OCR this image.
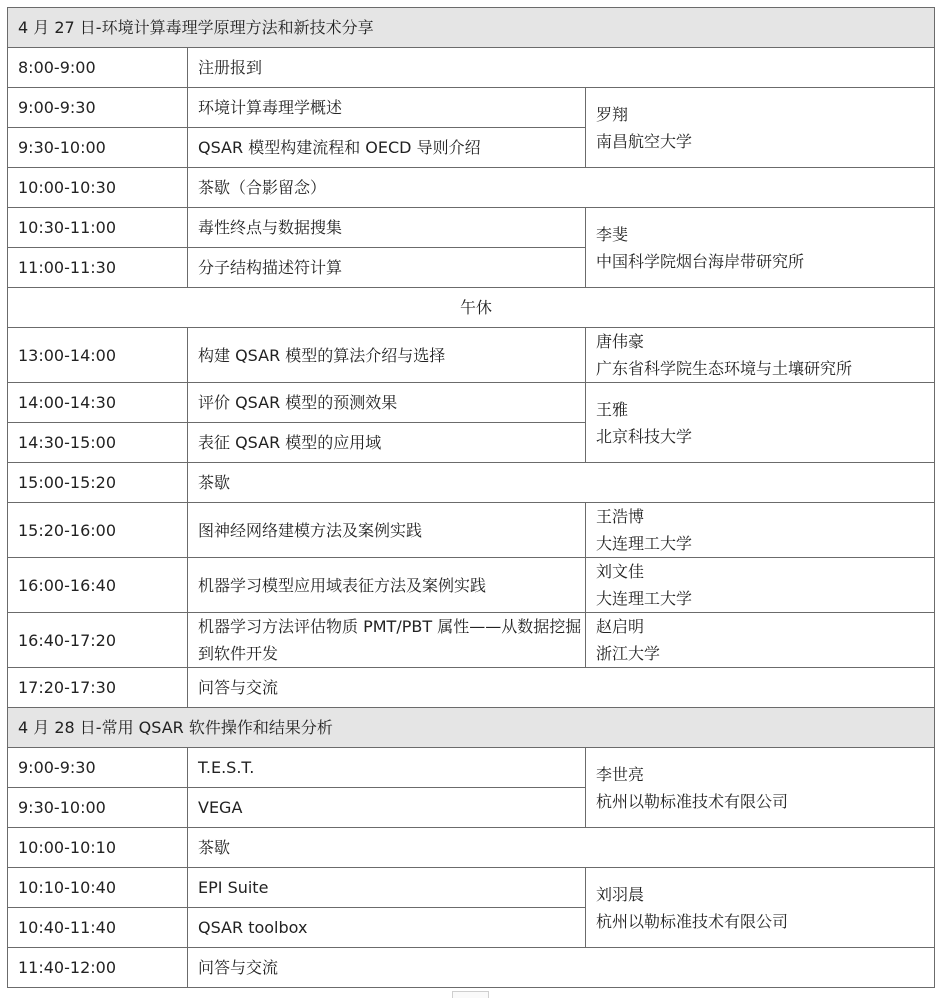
4 月 27 日-环境计算毒理学原理方法和新技术分享		
8:00-9:00	注册报到	
9:00-9:30	环境计算毒理学概述	罗翔
南昌航空大学

9:30-10:00	QSAR 模型构建流程和 OECD 导则介绍	
10:00-10:30	茶歇（合影留念）	
10:30-11:00	毒性终点与数据搜集	李斐
中国科学院烟台海岸带研究所

11:00-11:30	分子结构描述符计算	
午休		
13:00-14:00	构建 QSAR 模型的算法介绍与选择	唐伟豪
广东省科学院生态环境与土壤研究所

14:00-14:30	评价 QSAR 模型的预测效果	王雅
北京科技大学

14:30-15:00	表征 QSAR 模型的应用域	
15:00-15:20	茶歇	
15:20-16:00	图神经网络建模方法及案例实践	王浩博
大连理工大学

16:00-16:40	机器学习模型应用域表征方法及案例实践	刘文佳
大连理工大学

16:40-17:20	机器学习方法评估物质 PMT/PBT 属性——从数据挖掘到软件开发	赵启明
浙江大学

17:20-17:30	问答与交流	
4 月 28 日-常用 QSAR 软件操作和结果分析		
9:00-9:30	T.E.S.T.	李世亮
杭州以勒标准技术有限公司

9:30-10:00	VEGA	
10:00-10:10	茶歇	
10:10-10:40	EPI Suite	刘羽晨
杭州以勒标准技术有限公司

10:40-11:40	QSAR toolbox	
11:40-12:00	问答与交流	
